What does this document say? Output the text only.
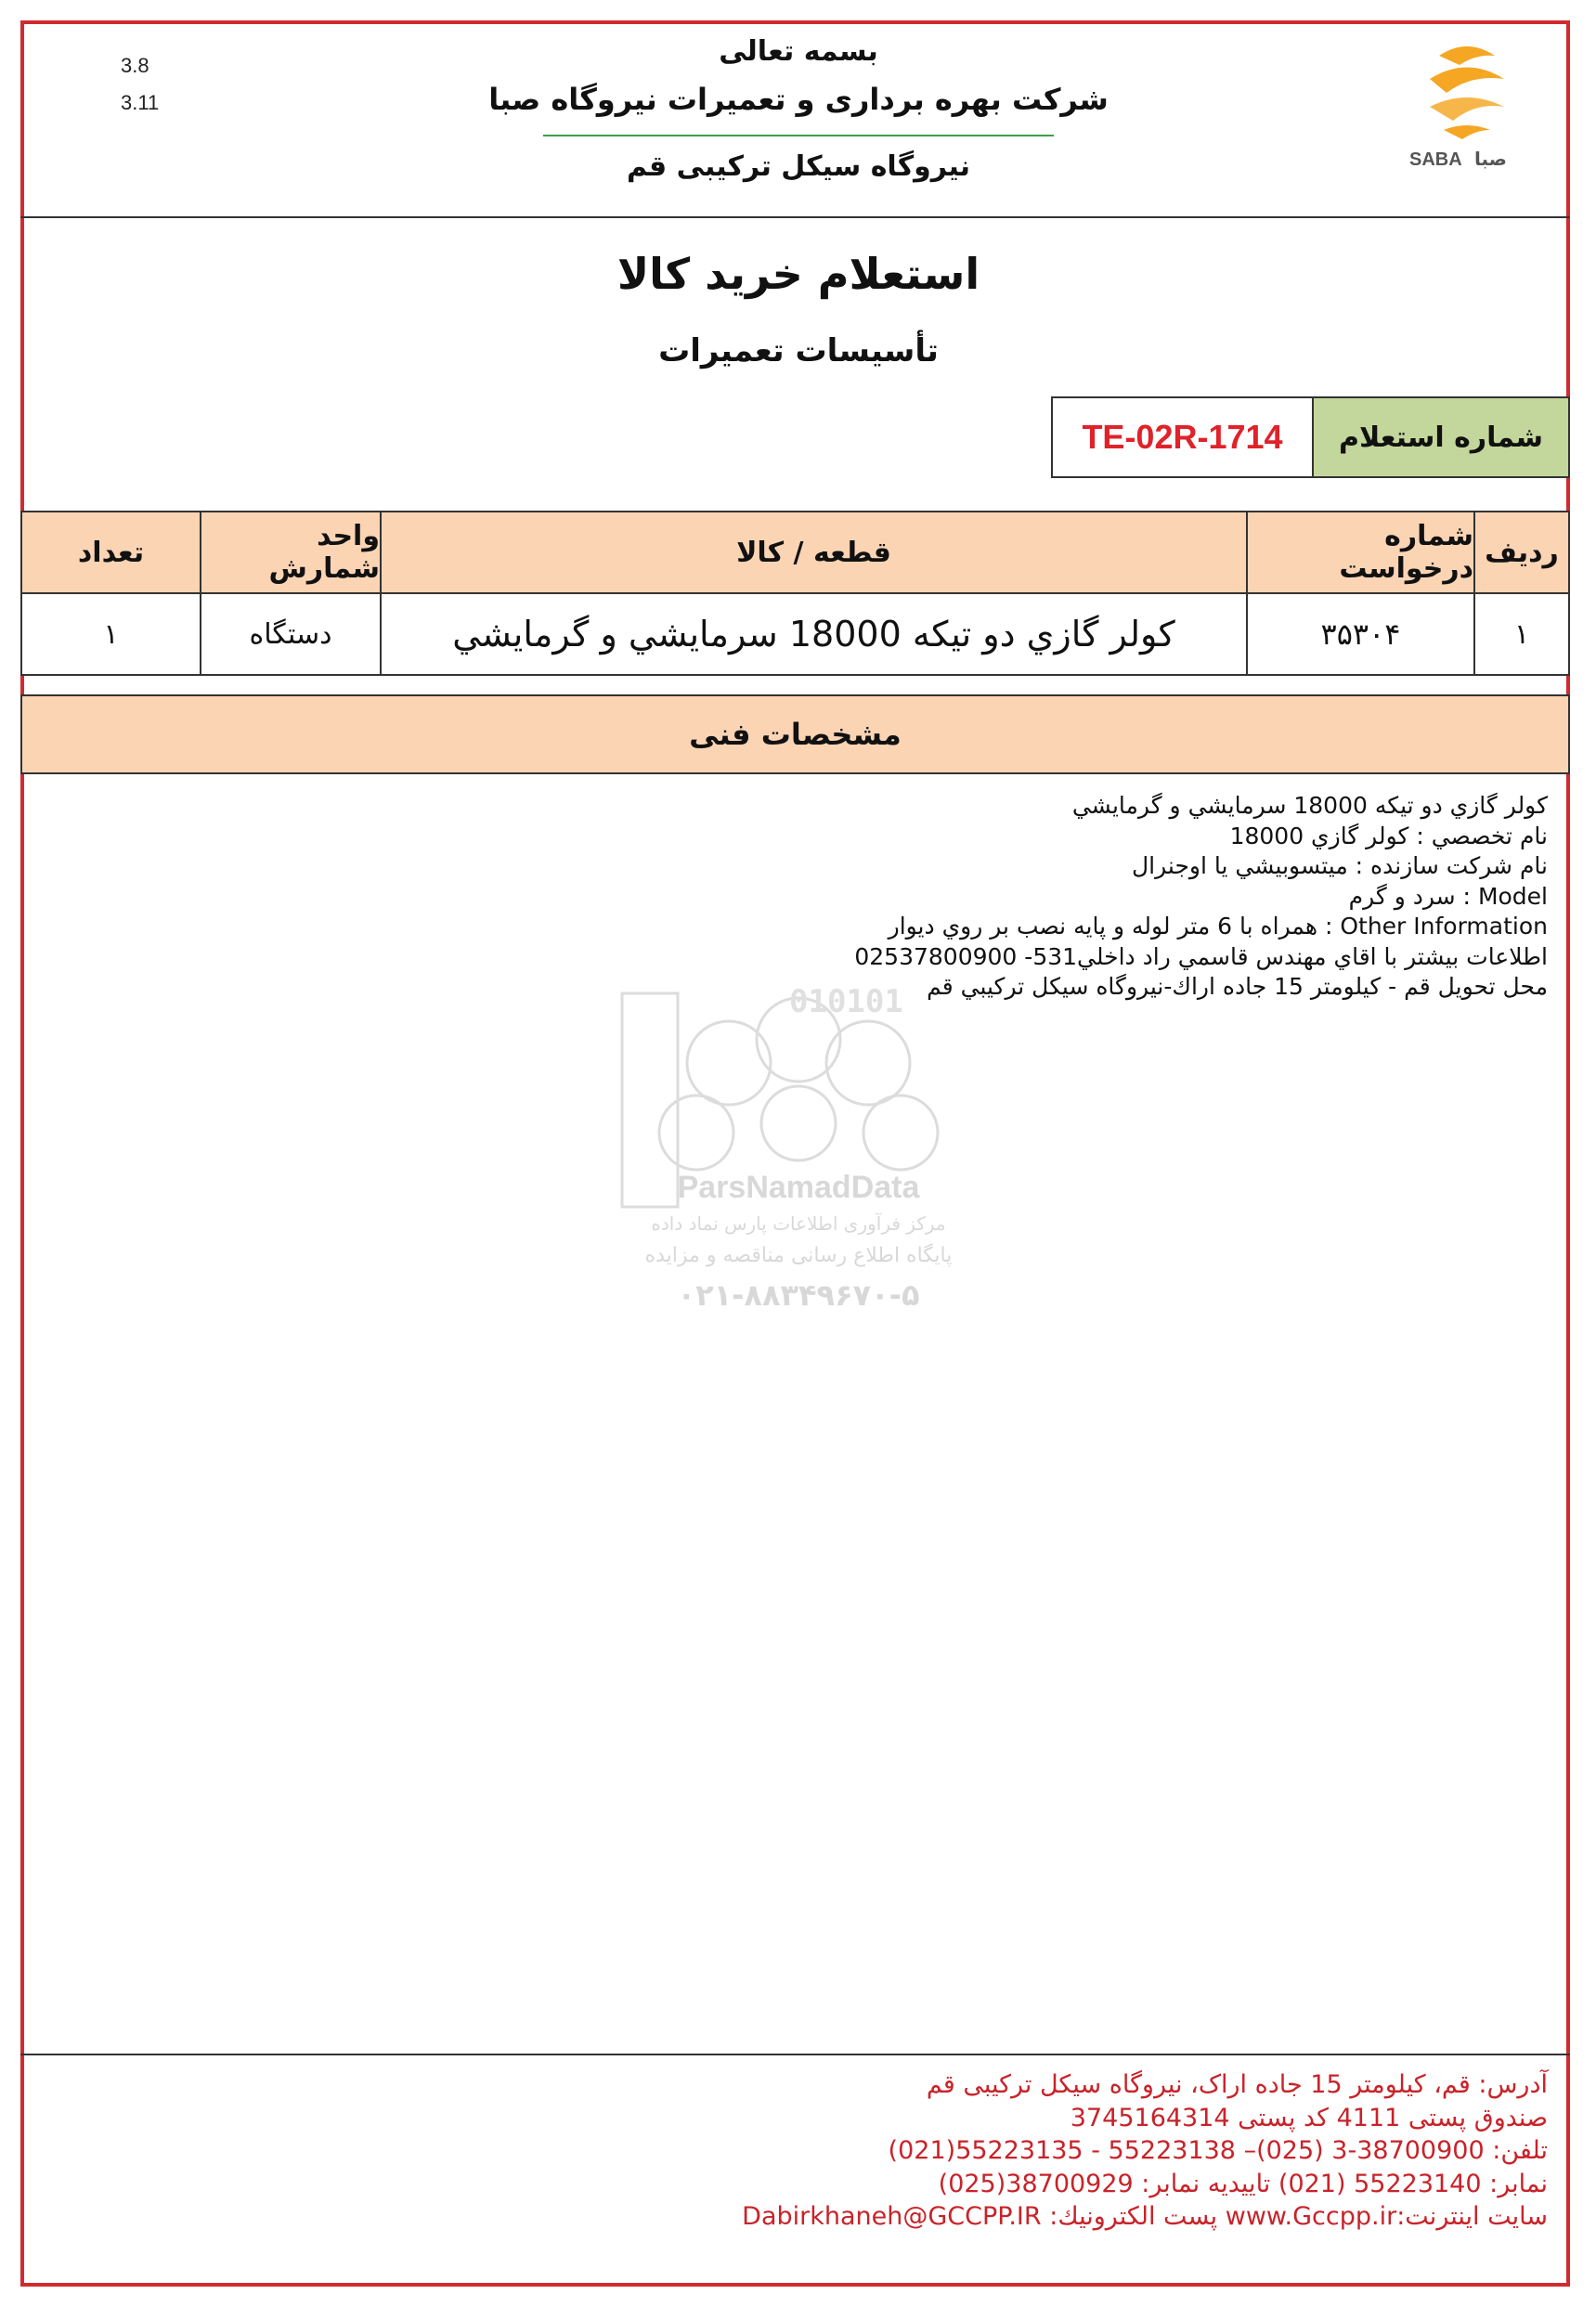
3.8
3.11
بسمه تعالی
شرکت بهره برداری و تعمیرات نیروگاه صبا
نیروگاه سیکل ترکیبی قم	SABA صبا
استعلام خرید کالا
تأسیسات تعمیرات
شماره استعلام
TE-02R-1714
ردیف
شماره درخواست
قطعه / کالا
واحد شمارش
تعداد
۱
۳۵۳۰۴
كولر گازي دو تيكه 18000 سرمايشي و گرمايشي
دستگاه
۱
مشخصات فنی
010101
ParsNamadData
مرکز فرآوری اطلاعات پارس نماد داده
پایگاه اطلاع رسانی مناقصه و مزایده
۰۲۱-۸۸۳۴۹۶۷۰-۵
كولر گازي دو تيكه 18000 سرمايشي و گرمايشي
نام تخصصي : كولر گازي 18000
نام شركت سازنده : ميتسوبيشي يا اوجنرال
Model : سرد و گرم
Other Information : همراه با 6 متر لوله و پايه نصب بر روي ديوار
اطلاعات بيشتر با اقاي مهندس قاسمي راد داخلي531- 02537800900
محل تحويل قم - كيلومتر 15 جاده اراك-نيروگاه سيكل تركيبي قم
آدرس: قم، کیلومتر 15 جاده اراک، نیروگاه سیکل ترکیبی قم
صندوق پستی 4111 کد پستی 3745164314
تلفن: 38700900-3 (025)– 55223138 - 55223135(021)
نمابر: 55223140 (021) تاییدیه نمابر: 38700929(025)
سایت اینترنت:www.Gccpp.ir پست الکترونیك: Dabirkhaneh@GCCPP.IR
